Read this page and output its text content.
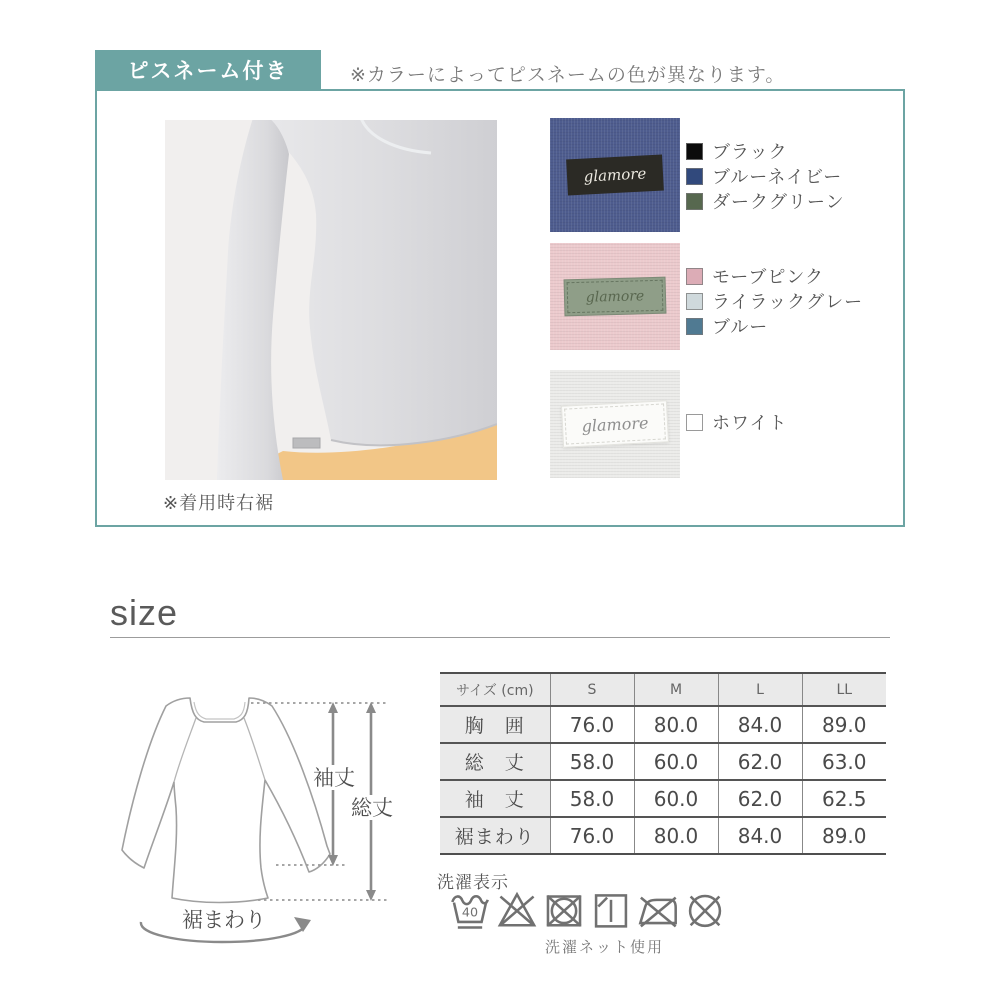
ピスネーム付き	※カラーによってピスネームの色が異なります。
※着用時右裾
glamore
ブラック
ブルーネイビー
ダークグリーン
glamore
モーブピンク
ライラックグレー
ブルー
glamore	ホワイト
size
袖丈
総丈
裾まわり
サイズ (cm)	S	M	L	LL
胸　囲	76.0	80.0	84.0	89.0
総　丈	58.0	60.0	62.0	63.0
袖　丈	58.0	60.0	62.0	62.5
裾まわり	76.0	80.0	84.0	89.0
洗濯表示
40
洗濯ネット使用
